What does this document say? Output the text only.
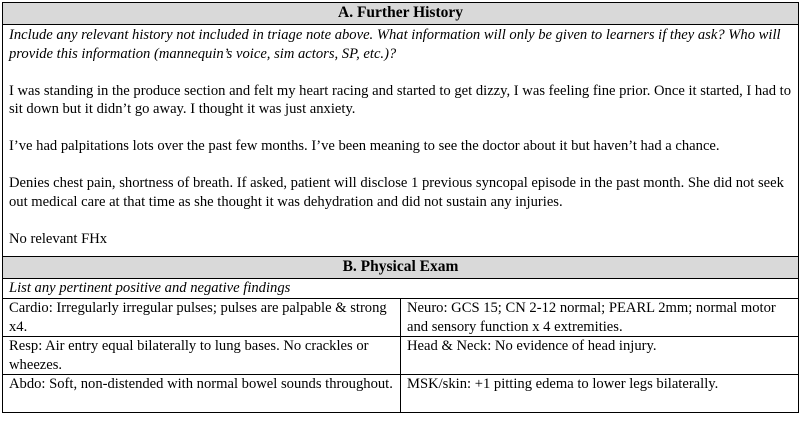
A. Further History	

Include any relevant history not included in triage note above. What information will only be given to learners if they ask? Who will provide this information (mannequin’s voice, sim actors, SP, etc.)?

I was standing in the produce section and felt my heart racing and started to get dizzy, I was feeling fine prior. Once it started, I had to sit down but it didn’t go away. I thought it was just anxiety.

I’ve had palpitations lots over the past few months. I’ve been meaning to see the doctor about it but haven’t had a chance.

Denies chest pain, shortness of breath. If asked, patient will disclose 1 previous syncopal episode in the past month. She did not seek out medical care at that time as she thought it was dehydration and did not sustain any injuries.

No relevant FHx	

B. Physical Exam	
List any pertinent positive and negative findings	
Cardio: Irregularly irregular pulses; pulses are palpable & strong x4.	Neuro: GCS 15; CN 2-12 normal; PEARL 2mm; normal motor and sensory function x 4 extremities.
Resp: Air entry equal bilaterally to lung bases. No crackles or wheezes.	Head & Neck: No evidence of head injury.
Abdo: Soft, non-distended with normal bowel sounds throughout.	MSK/skin: +1 pitting edema to lower legs bilaterally.
